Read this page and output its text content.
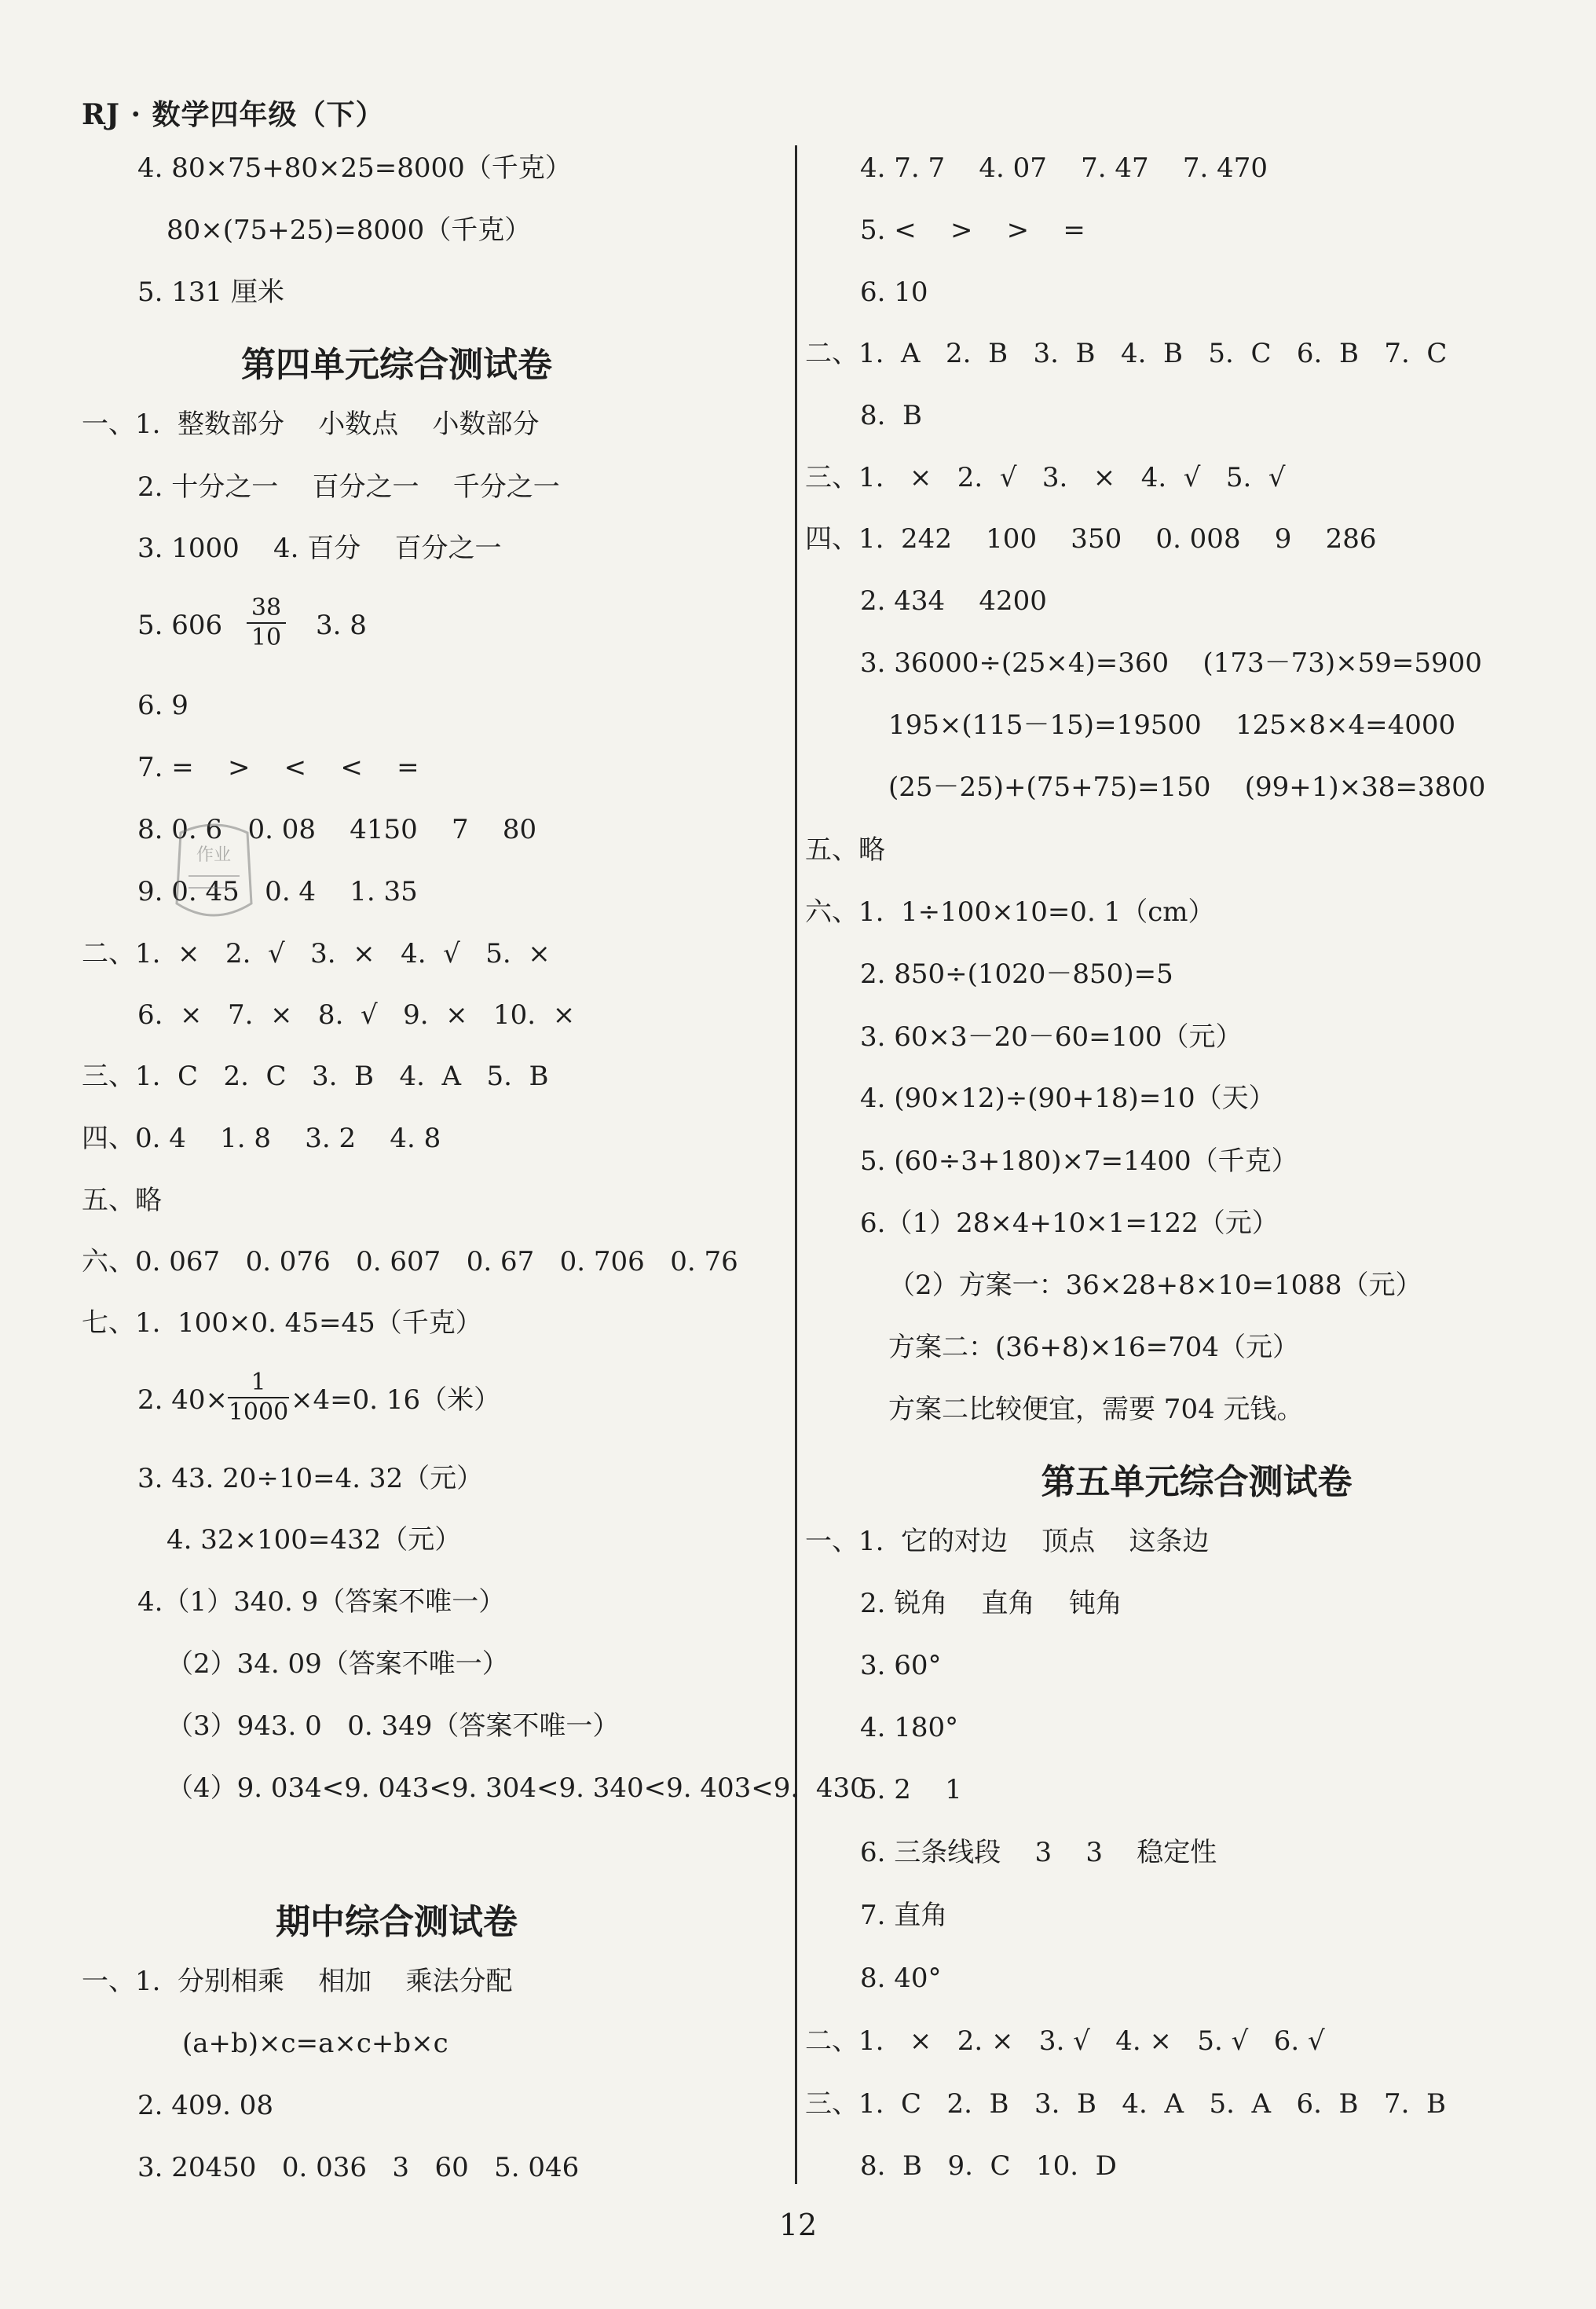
RJ · 数学四年级（下）
4. 80×75+80×25=8000（千克）
80×(75+25)=8000（千克）
5. 131 厘米
第四单元综合测试卷
一、1.  整数部分    小数点    小数部分
2. 十分之一    百分之一    千分之一
3. 1000    4. 百分    百分之一
5. $606 \frac{38}{10} 3$. 8
6. 9
7. =    >    <    <    =
8. 0. 6   0. 08    4150    7    80
9. 0. 45   0. 4    1. 35
二、1.  ×   2.  √   3.  ×   4.  √   5.  ×
6.  ×   7.  ×   8.  √   9.  ×   10.  ×
三、1.  C   2.  C   3.  B   4.  A   5.  B
四、0. 4    1. 8    3. 2    4. 8
五、略
六、0. 067   0. 076   0. 607   0. 67   0. 706   0. 76
七、1.  100×0. 45=45（千克）
2. $40\times \frac{1}{1000} \times 4=0$. 16（米）
3. 43. 20÷10=4. 32（元）
4. 32×100=432（元）
4.（1）340. 9（答案不唯一）
（2）34. 09（答案不唯一）
（3）943. 0   0. 349（答案不唯一）
（4）9. 034<9. 043<9. 304<9. 340<9. 403<9.  430
期中综合测试卷
一、1.  分别相乘    相加    乘法分配
(a+b)×c=a×c+b×c
2. 409. 08
3. 20450   0. 036   3   60   5. 046
作业
4. 7. 7    4. 07    7. 47    7. 470
5. <    >    >    =
6. 10
二、1.  A   2.  B   3.  B   4.  B   5.  C   6.  B   7.  C
8.  B
三、1.   ×   2.  √   3.   ×   4.  √   5.  √
四、1.  242    100    350    0. 008    9    286
2. 434    4200
3. 36000÷(25×4)=360    (173－73)×59=5900
195×(115－15)=19500    125×8×4=4000
(25－25)+(75+75)=150    (99+1)×38=3800
五、略
六、1.  1÷100×10=0. 1（cm）
2. 850÷(1020－850)=5
3. 60×3－20－60=100（元）
4. (90×12)÷(90+18)=10（天）
5. (60÷3+180)×7=1400（千克）
6.（1）28×4+10×1=122（元）
（2）方案一：36×28+8×10=1088（元）
方案二：(36+8)×16=704（元）
方案二比较便宜，需要 704 元钱。
第五单元综合测试卷
一、1.  它的对边    顶点    这条边
2. 锐角    直角    钝角
3. 60°
4. 180°
5. 2    1
6. 三条线段    3    3    稳定性
7. 直角
8. 40°
二、1.   ×   2. ×   3. √   4. ×   5. √   6. √
三、1.  C   2.  B   3.  B   4.  A   5.  A   6.  B   7.  B
8.  B   9.  C   10.  D
12
